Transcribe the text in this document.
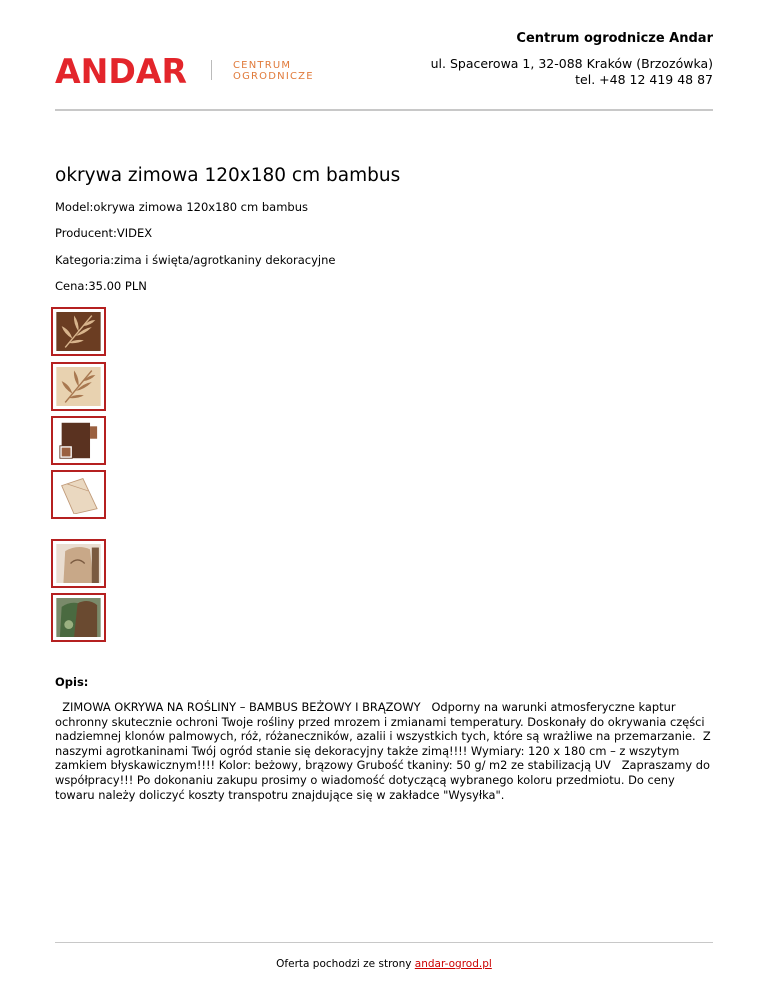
Centrum ogrodnicze Andar
ul. Spacerowa 1, 32-088 Kraków (Brzozówka)
tel. +48 12 419 48 87
ANDAR	CENTRUM
OGRODNICZE
okrywa zimowa 120x180 cm bambus
Model:okrywa zimowa 120x180 cm bambus
Producent:VIDEX
Kategoria:zima i święta/agrotkaniny dekoracyjne
Cena:35.00 PLN
Opis:
ZIMOWA OKRYWA NA ROŚLINY – BAMBUS BEŻOWY I BRĄZOWY   Odporny na warunki atmosferyczne kaptur ochronny skutecznie ochroni Twoje rośliny przed mrozem i zmianami temperatury. Doskonały do okrywania części nadziemnej klonów palmowych, róż, różaneczników, azalii i wszystkich tych, które są wrażliwe na przemarzanie.  Z naszymi agrotkaninami Twój ogród stanie się dekoracyjny także zimą!!!! Wymiary: 120 x 180 cm – z wszytym zamkiem błyskawicznym!!!! Kolor: beżowy, brązowy Grubość tkaniny: 50 g/ m2 ze stabilizacją UV   Zapraszamy do współpracy!!! Po dokonaniu zakupu prosimy o wiadomość dotyczącą wybranego koloru przedmiotu. Do ceny towaru należy doliczyć koszty transpotru znajdujące się w zakładce "Wysyłka".
Oferta pochodzi ze strony andar-ogrod.pl
